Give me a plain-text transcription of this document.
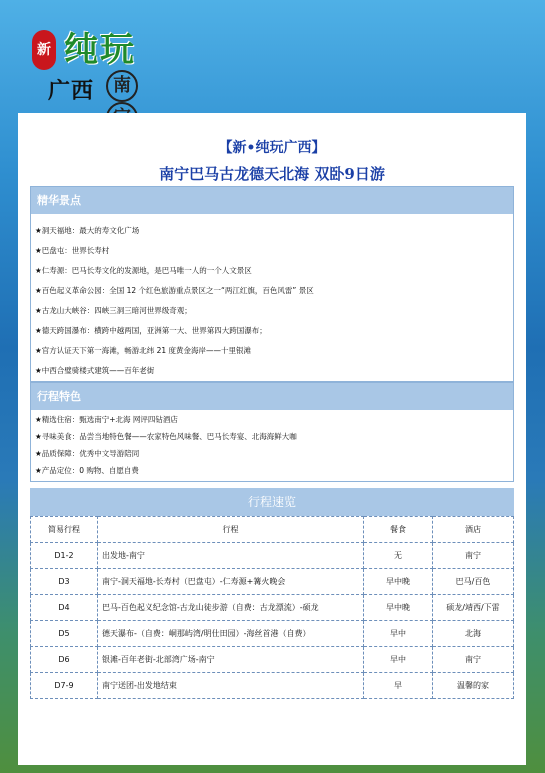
新 纯玩
广西	南
【新•纯玩广西】
南宁巴马古龙德天北海 双卧9日游
精华景点
★洞天福地：最大的寿文化广场
★巴盘屯：世界长寿村
★仁寿源：巴马长寿文化的发源地，是巴马唯一人的一个人文景区
★百色起义革命公园：全国 12 个红色旅游重点景区之一“两江红旗，百色风雷” 景区
★古龙山大峡谷：四峡三洞三暗河世界级奇观；
★德天跨国瀑布：横跨中越两国，亚洲第一大、世界第四大跨国瀑布；
★官方认证天下第一海滩，畅游北纬 21 度黄金海岸——十里银滩
★中西合璧骑楼式建筑——百年老街
行程特色
★精选住宿：甄选南宁+北海 网评四钻酒店
★寻味美食：品尝当地特色餐——农家特色风味餐、巴马长寿宴、北海海鲜大咖
★品质保障：优秀中文导游陪同
★产品定位：0 购物、自愿自费
行程速览
简易行程	行程	餐食	酒店
D1-2	出发地-南宁	无	南宁
D3	南宁-洞天福地-长寿村（巴盘屯）-仁寿源+篝火晚会	早中晚	巴马/百色
D4	巴马-百色起义纪念馆-古龙山徒步游（自费：古龙漂流）-硕龙	早中晚	硕龙/靖西/下雷
D5	德天瀑布-（自费：峒那屿湾/明仕田园）-海丝首港（自费）	早中	北海
D6	银滩-百年老街-北部湾广场-南宁	早中	南宁
D7-9	南宁送团-出发地结束	早	温馨的家
